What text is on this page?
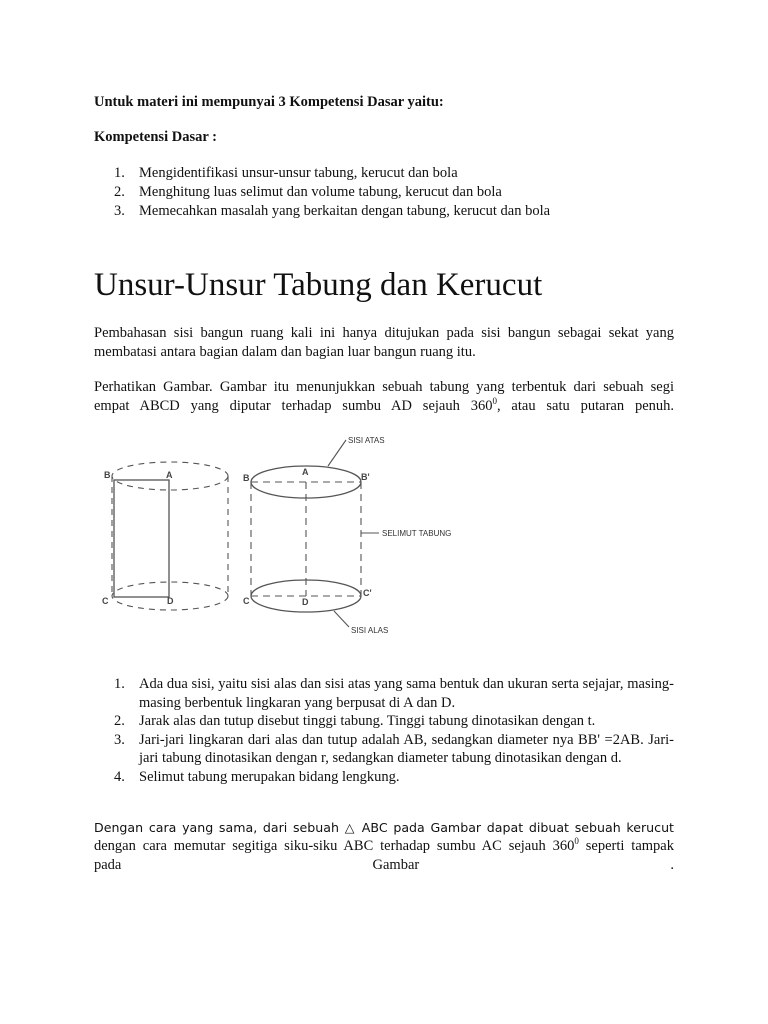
Untuk materi ini mempunyai 3 Kompetensi Dasar yaitu:
Kompetensi Dasar :
1. Mengidentifikasi unsur-unsur tabung, kerucut dan bola
2. Menghitung luas selimut dan volume tabung, kerucut dan bola
3. Memecahkan masalah yang berkaitan dengan tabung, kerucut dan bola
Unsur-Unsur Tabung dan Kerucut

Pembahasan sisi bangun ruang kali ini hanya ditujukan pada sisi bangun sebagai sekat yang membatasi antara bagian dalam dan bagian luar bangun ruang itu.

Perhatikan Gambar. Gambar itu menunjukkan sebuah tabung yang terbentuk dari sebuah segi empat ABCD yang diputar terhadap sumbu AD sejauh $360^0$, atau satu putaran penuh.

B	A
C	D
B
A	B'
C	D
C'
SISI ATAS
SELIMUT TABUNG
SISI ALAS
1. Ada dua sisi, yaitu sisi alas dan sisi atas yang sama bentuk dan ukuran serta sejajar, masing-masing berbentuk lingkaran yang berpusat di A dan D.
2. Jarak alas dan tutup disebut tinggi tabung. Tinggi tabung dinotasikan dengan t.
3. Jari-jari lingkaran dari alas dan tutup adalah AB, sedangkan diameter nya BB' =2AB. Jari-jari tabung dinotasikan dengan r, sedangkan diameter tabung dinotasikan dengan d.
4. Selimut tabung merupakan bidang lengkung.
Dengan cara yang sama, dari sebuah △ ABC pada Gambar dapat dibuat sebuah kerucut
dengan cara memutar segitiga siku-siku ABC terhadap sumbu AC sejauh $360^0$ seperti tampak
pada	Gambar	.
